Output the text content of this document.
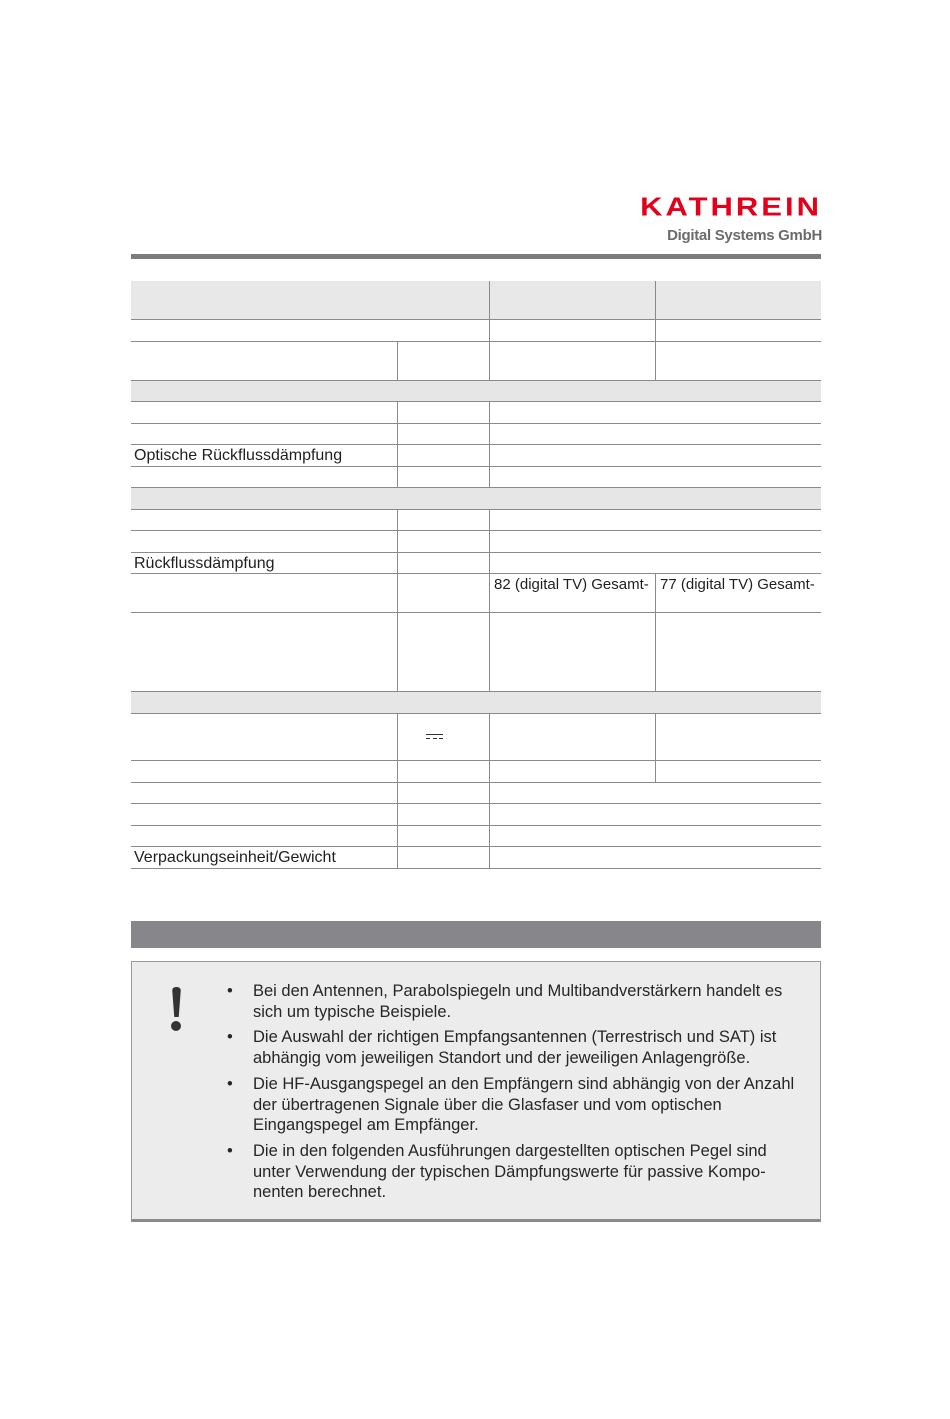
KATHREIN
Digital Systems GmbH
Optische Rückflussdämpfung
Rückflussdämpfung
82 (digital TV) Gesamt- 77 (digital TV) Gesamt-
Verpackungseinheit/Gewicht
• Bei den Antennen, Parabolspiegeln und Multibandverstärkern handelt es sich um typische Beispiele.
• Die Auswahl der richtigen Empfangsantennen (Terrestrisch und SAT) ist abhängig vom jeweiligen Standort und der jeweiligen Anlagengröße.
• Die HF-Ausgangspegel an den Empfängern sind abhängig von der Anzahl der übertragenen Signale über die Glasfaser und vom optischen Eingangspegel am Empfänger.
• Die in den folgenden Ausführungen dargestellten optischen Pegel sind unter Verwendung der typischen Dämpfungswerte für passive Komponenten berechnet.
